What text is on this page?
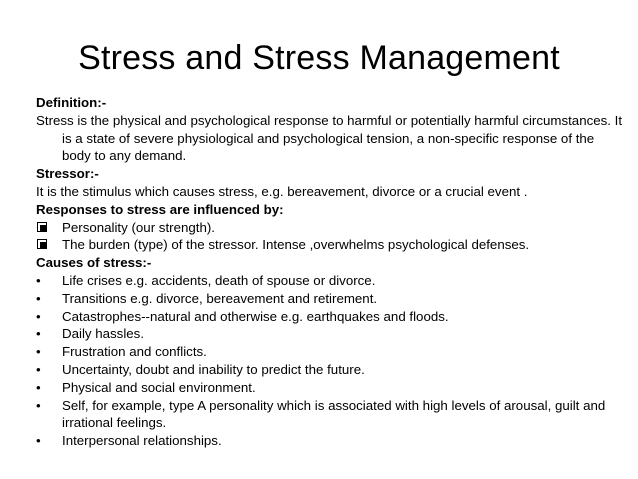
Stress and Stress Management
Definition:-
Stress is the physical and psychological response to harmful or potentially harmful circumstances. It is a state of severe physiological and psychological tension, a non-specific response of the body to any demand.
Stressor:-
It is the stimulus which causes stress, e.g. bereavement, divorce or a crucial event .
Responses to stress are influenced by:
Personality (our strength).
The burden (type) of the stressor. Intense ,overwhelms psychological defenses.
Causes of stress:-
• Life crises e.g. accidents, death of spouse or divorce.
• Transitions e.g. divorce, bereavement and retirement.
• Catastrophes--natural and otherwise e.g. earthquakes and floods.
• Daily hassles.
• Frustration and conflicts.
• Uncertainty, doubt and inability to predict the future.
• Physical and social environment.
• Self, for example, type A personality which is associated with high levels of arousal, guilt and irrational feelings.
• Interpersonal relationships.
